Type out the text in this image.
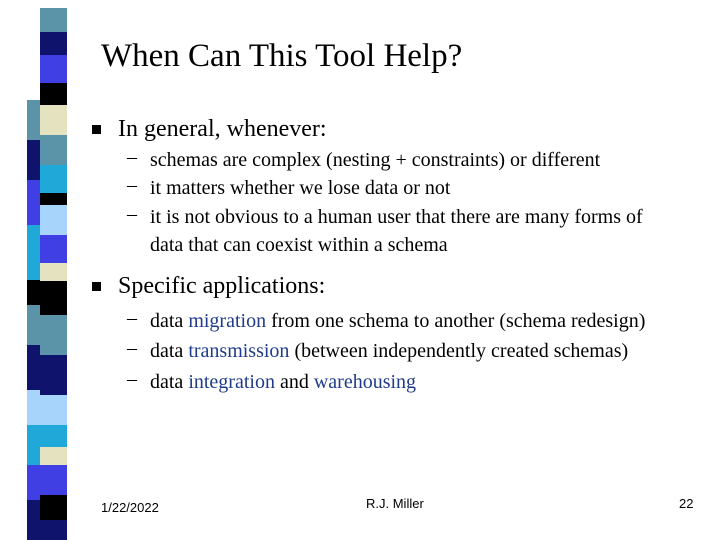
When Can This Tool Help?
In general, whenever:
– schemas are complex (nesting + constraints) or different
– it matters whether we lose data or not
– it is not obvious to a human user that there are many forms of
data that can coexist within a schema
Specific applications:
– data migration from one schema to another (schema redesign)
– data transmission (between independently created schemas)
– data integration and warehousing
1/22/2022	R.J. Miller	22
